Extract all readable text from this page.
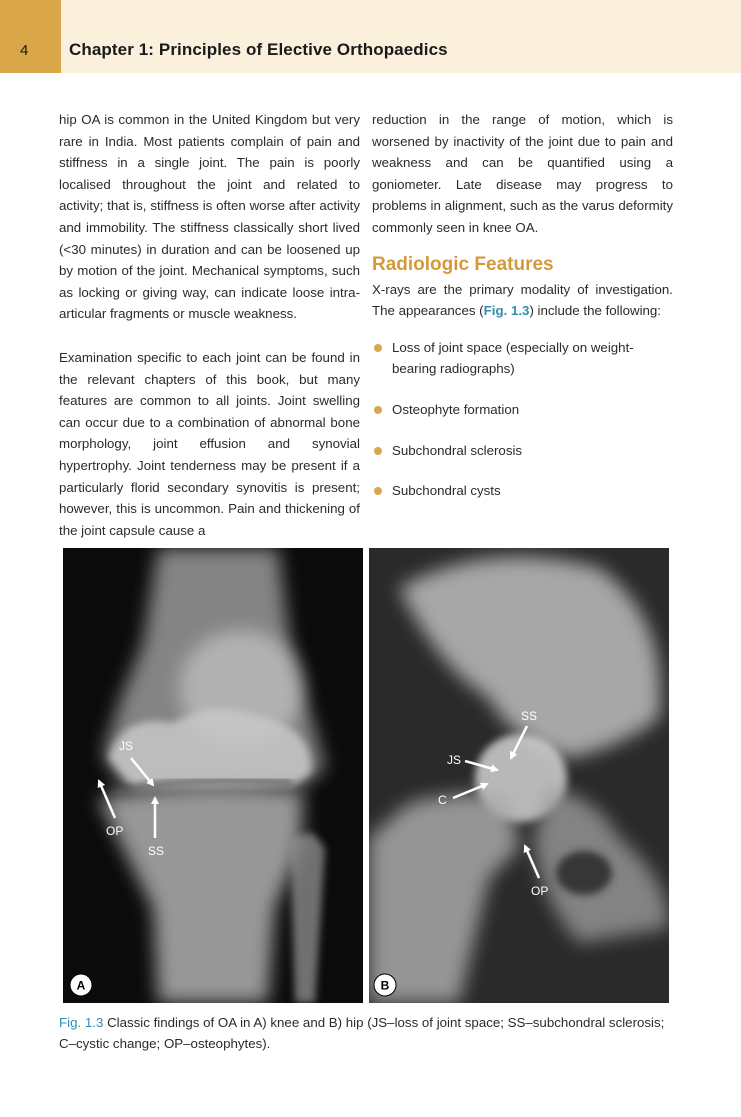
4 Chapter 1: Principles of Elective Orthopaedics

hip OA is common in the United Kingdom but very rare in India. Most patients complain of pain and stiffness in a single joint. The pain is poorly localised throughout the joint and related to activity; that is, stiffness is often worse after activity and immobility. The stiffness classically short lived (<30 minutes) in duration and can be loosened up by motion of the joint. Mechanical symptoms, such as locking or giving way, can indicate loose intra-articular fragments or muscle weakness.

Examination specific to each joint can be found in the relevant chapters of this book, but many features are common to all joints. Joint swelling can occur due to a combination of abnormal bone morphology, joint effusion and synovial hypertrophy. Joint tenderness may be present if a particularly florid secondary synovitis is present; however, this is uncommon. Pain and thickening of the joint capsule cause a

reduction in the range of motion, which is worsened by inactivity of the joint due to pain and weakness and can be quantified using a goniometer. Late disease may progress to problems in alignment, such as the varus deformity commonly seen in knee OA.

Radiologic Features

X-rays are the primary modality of investigation. The appearances (Fig. 1.3) include the following:

Loss of joint space (especially on weight-bearing radiographs)
Osteophyte formation
Subchondral sclerosis
Subchondral cysts
JS
OP
SS
A
SS
JS
C
OP
B
Fig. 1.3 Classic findings of OA in A) knee and B) hip (JS–loss of joint space; SS–subchondral sclerosis; C–cystic change; OP–osteophytes).
